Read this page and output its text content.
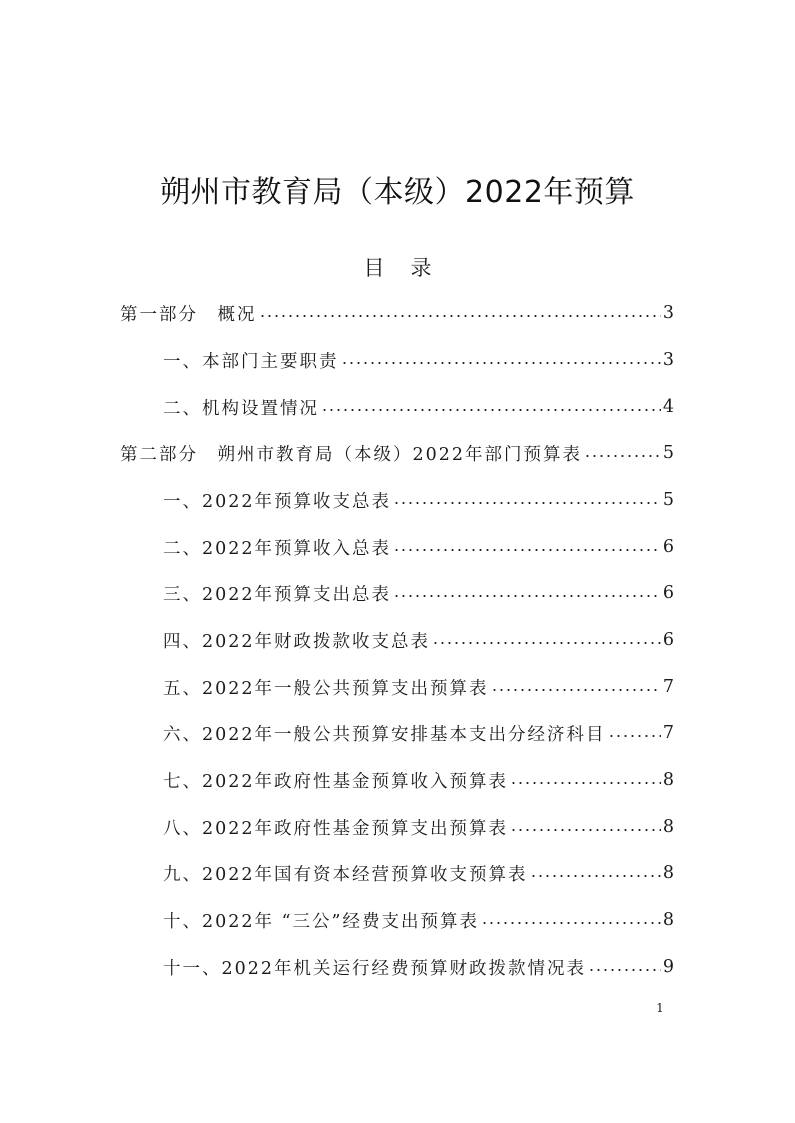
朔州市教育局（本级）2022年预算
目录
第一部分　概况	3
一、本部门主要职责	3
二、机构设置情况	4
第二部分　朔州市教育局（本级）2022年部门预算表	5
一、2022年预算收支总表	5
二、2022年预算收入总表	6
三、2022年预算支出总表	6
四、2022年财政拨款收支总表	6
五、2022年一般公共预算支出预算表	7
六、2022年一般公共预算安排基本支出分经济科目	7
七、2022年政府性基金预算收入预算表	8
八、2022年政府性基金预算支出预算表	8
九、2022年国有资本经营预算收支预算表	8
十、2022年 “三公”经费支出预算表	8
十一、2022年机关运行经费预算财政拨款情况表	9
1
